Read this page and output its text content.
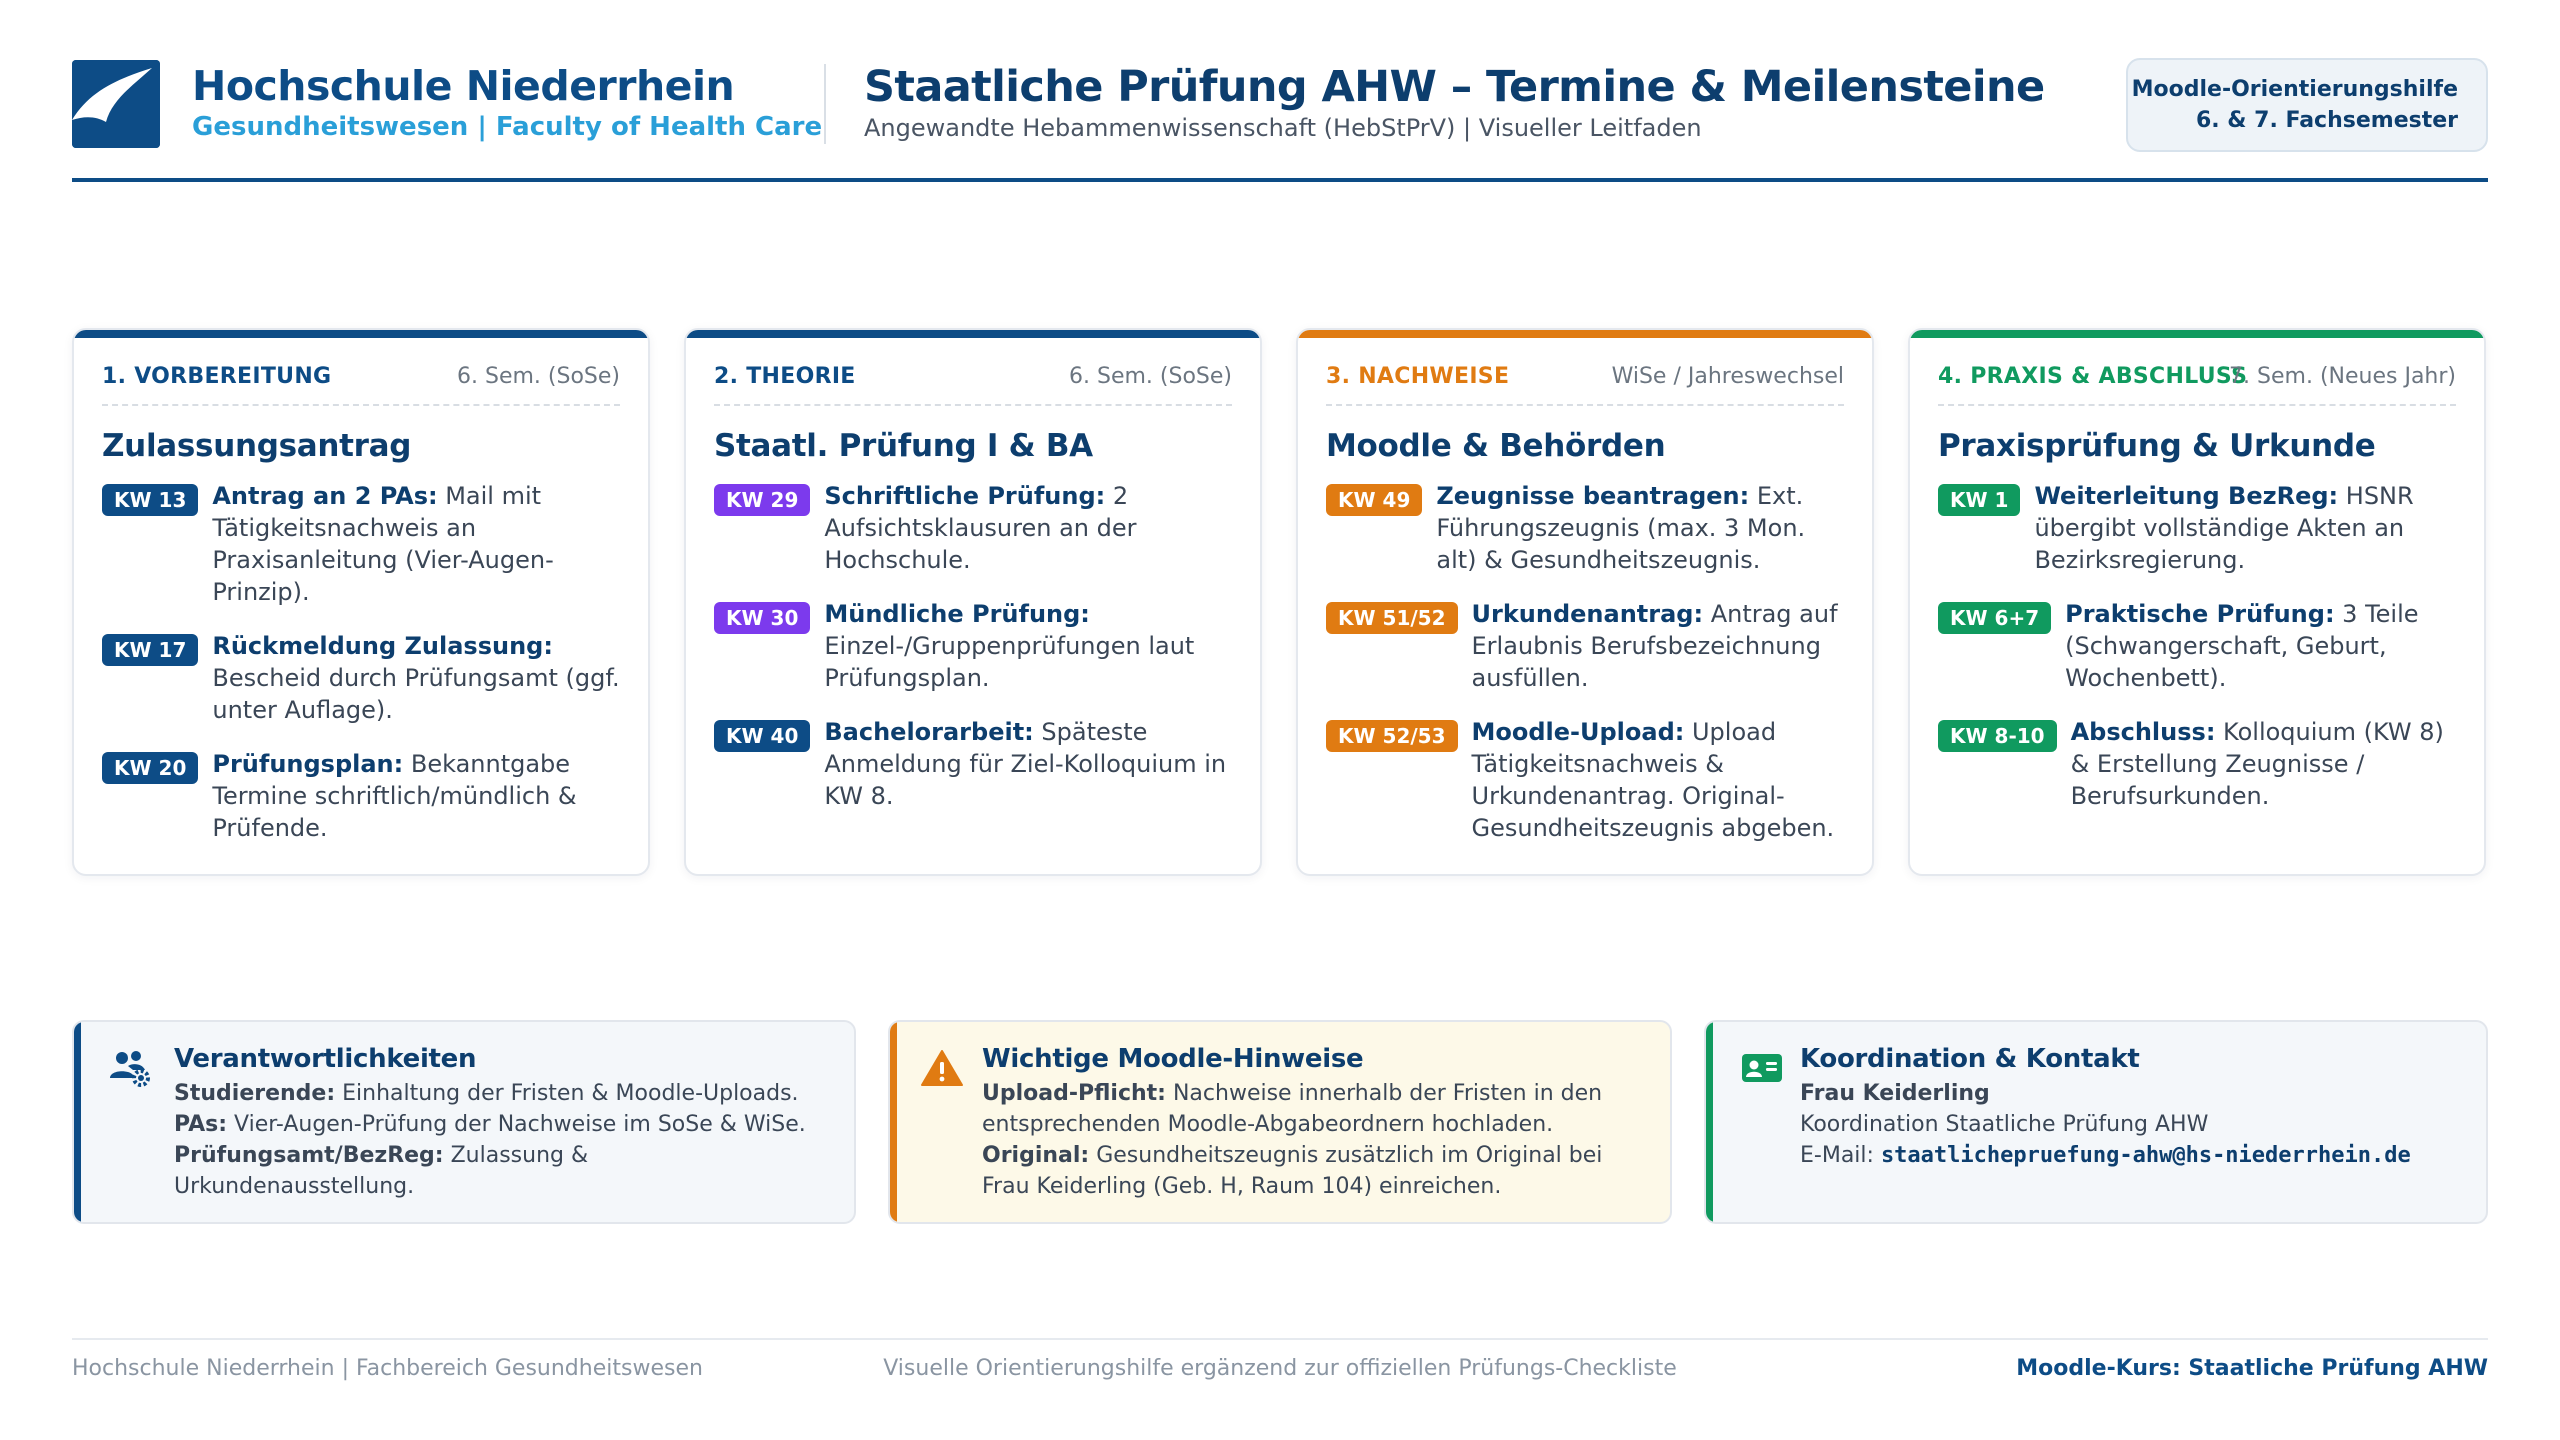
Hochschule Niederrhein
Gesundheitswesen | Faculty of Health Care
Staatliche Prüfung AHW – Termine & Meilensteine
Angewandte Hebammenwissenschaft (HebStPrV) | Visueller Leitfaden
Moodle-Orientierungshilfe
6. & 7. Fachsemester
1. VORBEREITUNG	6. Sem. (SoSe)
Zulassungsantrag
KW 13	Antrag an 2 PAs: Mail mit Tätigkeitsnachweis an Praxisanleitung (Vier-Augen-Prinzip).
KW 17	Rückmeldung Zulassung: Bescheid durch Prüfungsamt (ggf. unter Auflage).
KW 20	Prüfungsplan: Bekanntgabe Termine schriftlich/mündlich & Prüfende.
2. THEORIE	6. Sem. (SoSe)
Staatl. Prüfung I & BA
KW 29	Schriftliche Prüfung: 2 Aufsichtsklausuren an der Hochschule.
KW 30	Mündliche Prüfung: Einzel-/Gruppenprüfungen laut Prüfungsplan.
KW 40	Bachelorarbeit: Späteste Anmeldung für Ziel-Kolloquium in KW 8.
3. NACHWEISE	WiSe / Jahreswechsel
Moodle & Behörden
KW 49	Zeugnisse beantragen: Ext. Führungszeugnis (max. 3 Mon. alt) & Gesundheitszeugnis.
KW 51/52	Urkundenantrag: Antrag auf Erlaubnis Berufsbezeichnung ausfüllen.
KW 52/53	Moodle-Upload: Upload Tätigkeitsnachweis & Urkundenantrag. Original-Gesundheitszeugnis abgeben.
4. PRAXIS & ABSCHLUSS
7. Sem. (Neues Jahr)
Praxisprüfung & Urkunde
KW 1	Weiterleitung BezReg: HSNR übergibt vollständige Akten an Bezirksregierung.
KW 6+7	Praktische Prüfung: 3 Teile (Schwangerschaft, Geburt, Wochenbett).
KW 8-10	Abschluss: Kolloquium (KW 8) & Erstellung Zeugnisse / Berufsurkunden.
Verantwortlichkeiten
Studierende: Einhaltung der Fristen & Moodle-Uploads.
PAs: Vier-Augen-Prüfung der Nachweise im SoSe & WiSe.
Prüfungsamt/BezReg: Zulassung & Urkundenausstellung.
Wichtige Moodle-Hinweise
Upload-Pflicht: Nachweise innerhalb der Fristen in den entsprechenden Moodle-Abgabeordnern hochladen.
Original: Gesundheitszeugnis zusätzlich im Original bei Frau Keiderling (Geb. H, Raum 104) einreichen.
Koordination & Kontakt
Frau Keiderling
Koordination Staatliche Prüfung AHW
E-Mail: staatlichepruefung-ahw@hs-niederrhein.de
Hochschule Niederrhein | Fachbereich Gesundheitswesen	Visuelle Orientierungshilfe ergänzend zur offiziellen Prüfungs-Checkliste	Moodle-Kurs: Staatliche Prüfung AHW
